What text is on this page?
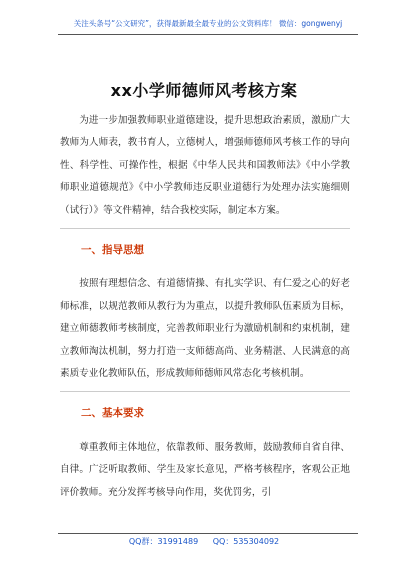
关注头条号“公文研究”，获得最新最全最专业的公文资料库！ 微信：gongwenyj
xx小学师德师风考核方案

为进一步加强教师职业道德建设，提升思想政治素质，激励广大教师为人师表，教书育人，立德树人，增强师德师风考核工作的导向性、科学性、可操作性，根据《中华人民共和国教师法》《中小学教师职业道德规范》《中小学教师违反职业道德行为处理办法实施细则（试行）》等文件精神，结合我校实际，制定本方案。

一、指导思想

按照有理想信念、有道德情操、有扎实学识、有仁爱之心的好老师标准，以规范教师从教行为为重点，以提升教师队伍素质为目标，建立师德教师考核制度，完善教师职业行为激励机制和约束机制，建立教师淘汰机制，努力打造一支师德高尚、业务精湛、人民满意的高素质专业化教师队伍，形成教师师德师风常态化考核机制。

二、基本要求

尊重教师主体地位，依靠教师、服务教师，鼓励教师自省自律、自律。广泛听取教师、学生及家长意见，严格考核程序，客观公正地评价教师。充分发挥考核导向作用，奖优罚劣，引

QQ群：31991489 QQ：535304092
